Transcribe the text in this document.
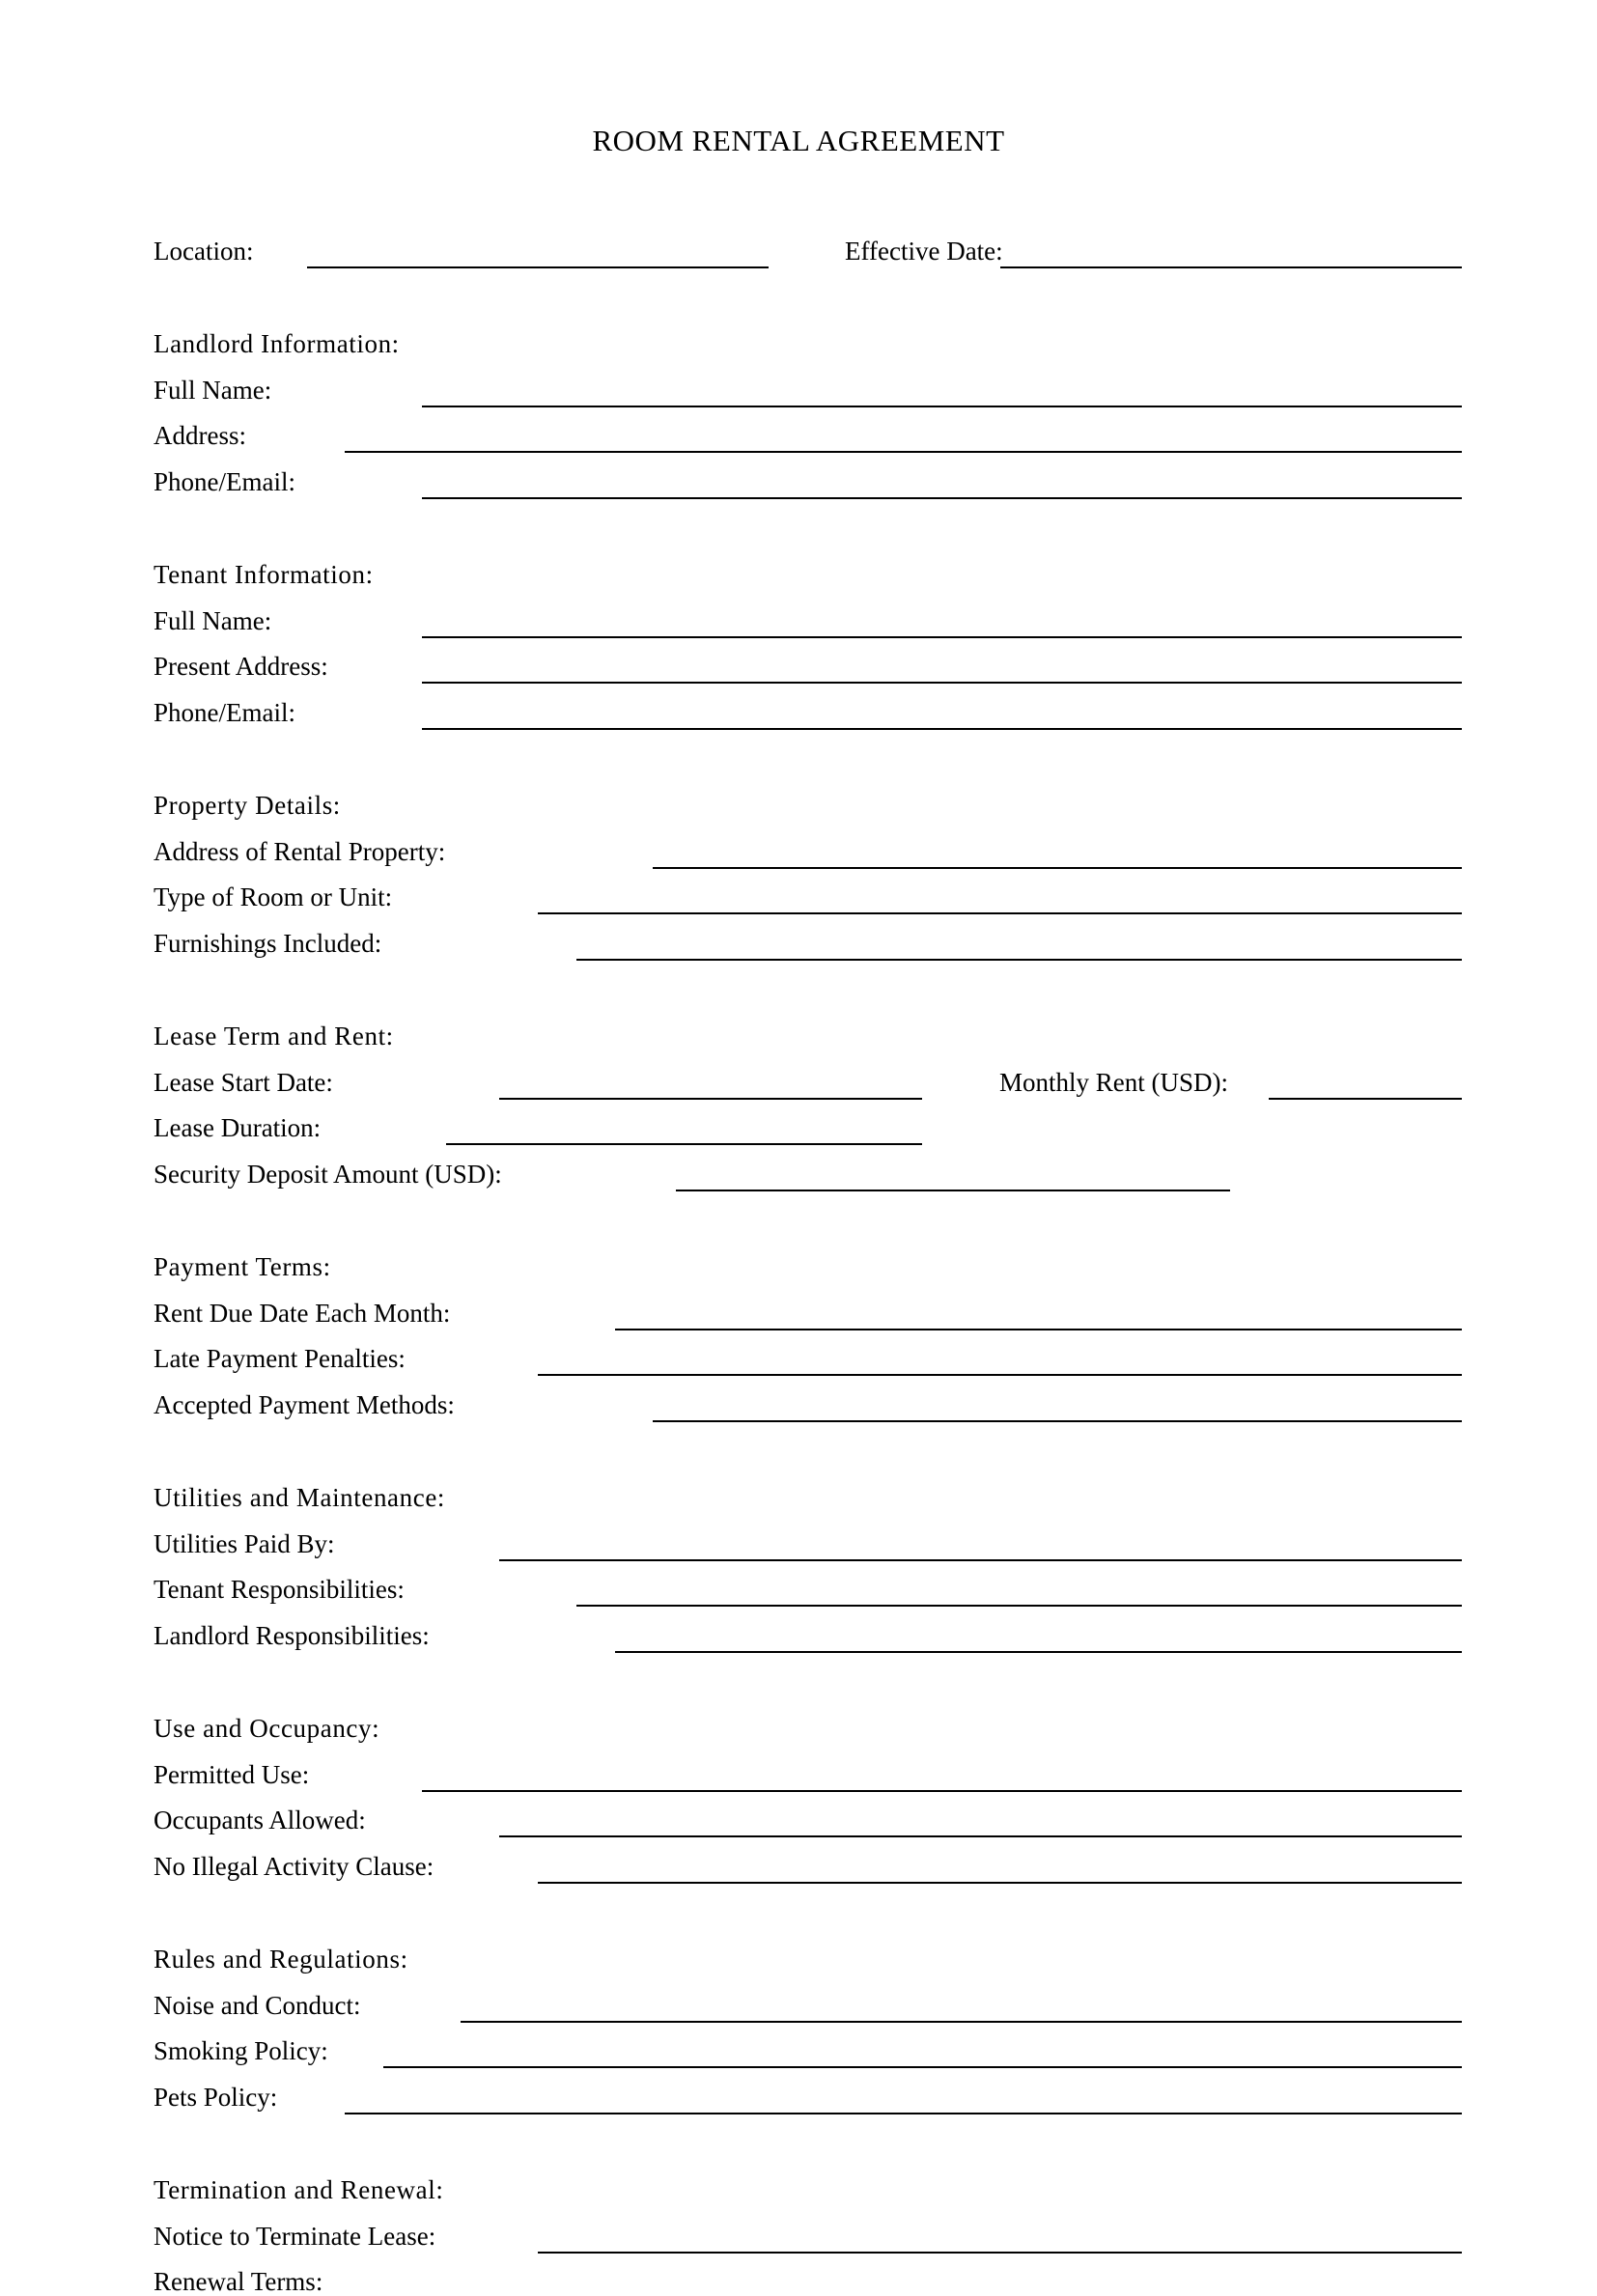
ROOM RENTAL AGREEMENT
Location:	Effective Date:
Landlord Information:
Full Name:
Address:
Phone/Email:
Tenant Information:
Full Name:
Present Address:
Phone/Email:
Property Details:
Address of Rental Property:
Type of Room or Unit:
Furnishings Included:
Lease Term and Rent:
Lease Start Date:	Monthly Rent (USD):
Lease Duration:
Security Deposit Amount (USD):
Payment Terms:
Rent Due Date Each Month:
Late Payment Penalties:
Accepted Payment Methods:
Utilities and Maintenance:
Utilities Paid By:
Tenant Responsibilities:
Landlord Responsibilities:
Use and Occupancy:
Permitted Use:
Occupants Allowed:
No Illegal Activity Clause:
Rules and Regulations:
Noise and Conduct:
Smoking Policy:
Pets Policy:
Termination and Renewal:
Notice to Terminate Lease:
Renewal Terms:
